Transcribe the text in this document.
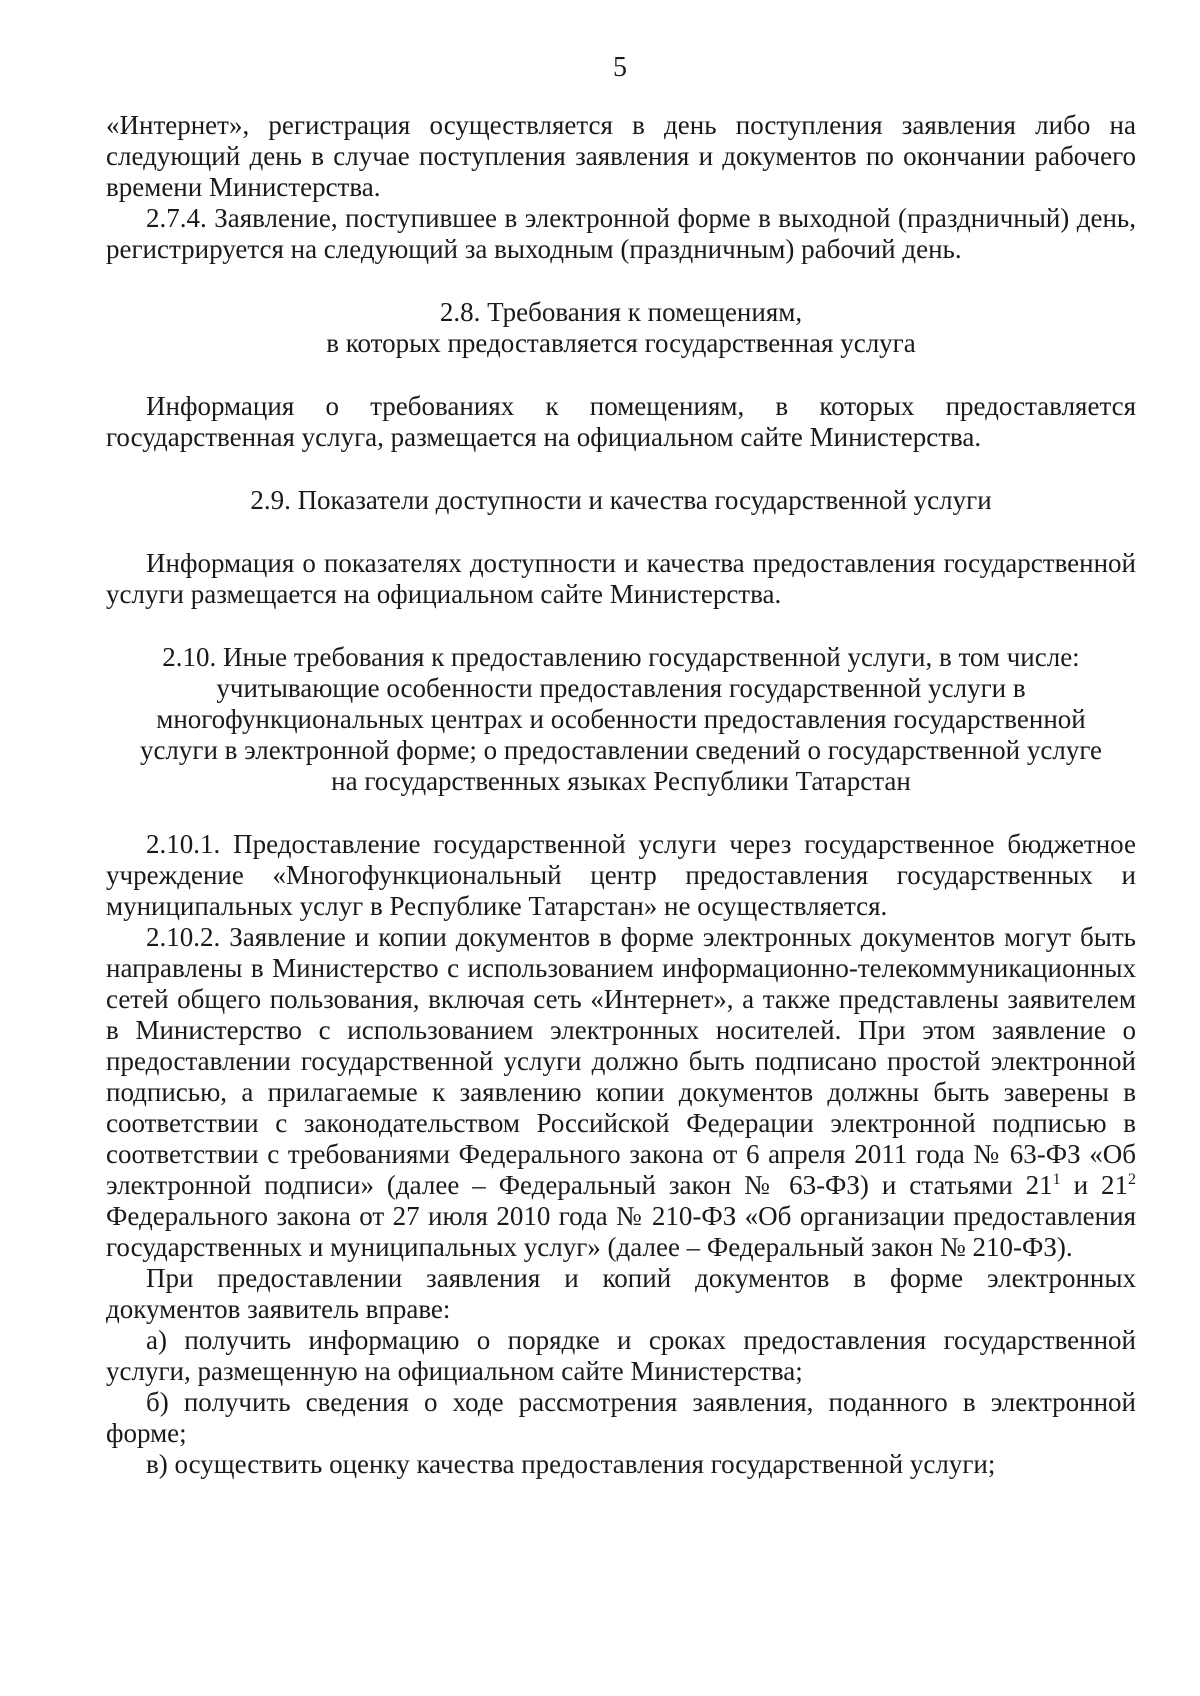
5

«Интернет», регистрация осуществляется в день поступления заявления либо на следующий день в случае поступления заявления и документов по окончании рабочего времени Министерства.

2.7.4. Заявление, поступившее в электронной форме в выходной (праздничный) день, регистрируется на следующий за выходным (праздничным) рабочий день.

2.8. Требования к помещениям,

в которых предоставляется государственная услуга

Информация о требованиях к помещениям, в которых предоставляется государственная услуга, размещается на официальном сайте Министерства.

2.9. Показатели доступности и качества государственной услуги

Информация о показателях доступности и качества предоставления государственной услуги размещается на официальном сайте Министерства.

2.10. Иные требования к предоставлению государственной услуги, в том числе:

учитывающие особенности предоставления государственной услуги в

многофункциональных центрах и особенности предоставления государственной

услуги в электронной форме; о предоставлении сведений о государственной услуге

на государственных языках Республики Татарстан

2.10.1. Предоставление государственной услуги через государственное бюджетное учреждение «Многофункциональный центр предоставления государственных и муниципальных услуг в Республике Татарстан» не осуществляется.

2.10.2. Заявление и копии документов в форме электронных документов могут быть направлены в Министерство с использованием информационно-телекоммуникационных сетей общего пользования, включая сеть «Интернет», а также представлены заявителем в Министерство с использованием электронных носителей. При этом заявление о предоставлении государственной услуги должно быть подписано простой электронной подписью, а прилагаемые к заявлению копии документов должны быть заверены в соответствии с законодательством Российской Федерации электронной подписью в соответствии с требованиями Федерального закона от 6 апреля 2011 года № 63-ФЗ «Об электронной подписи» (далее – Федеральный закон № 63-ФЗ) и статьями $21^1$ и $21^2$ Федерального закона от 27 июля 2010 года № 210-ФЗ «Об организации предоставления государственных и муниципальных услуг» (далее – Федеральный закон № 210-ФЗ).

При предоставлении заявления и копий документов в форме электронных документов заявитель вправе:

а) получить информацию о порядке и сроках предоставления государственной услуги, размещенную на официальном сайте Министерства;

б) получить сведения о ходе рассмотрения заявления, поданного в электронной форме;

в) осуществить оценку качества предоставления государственной услуги;
